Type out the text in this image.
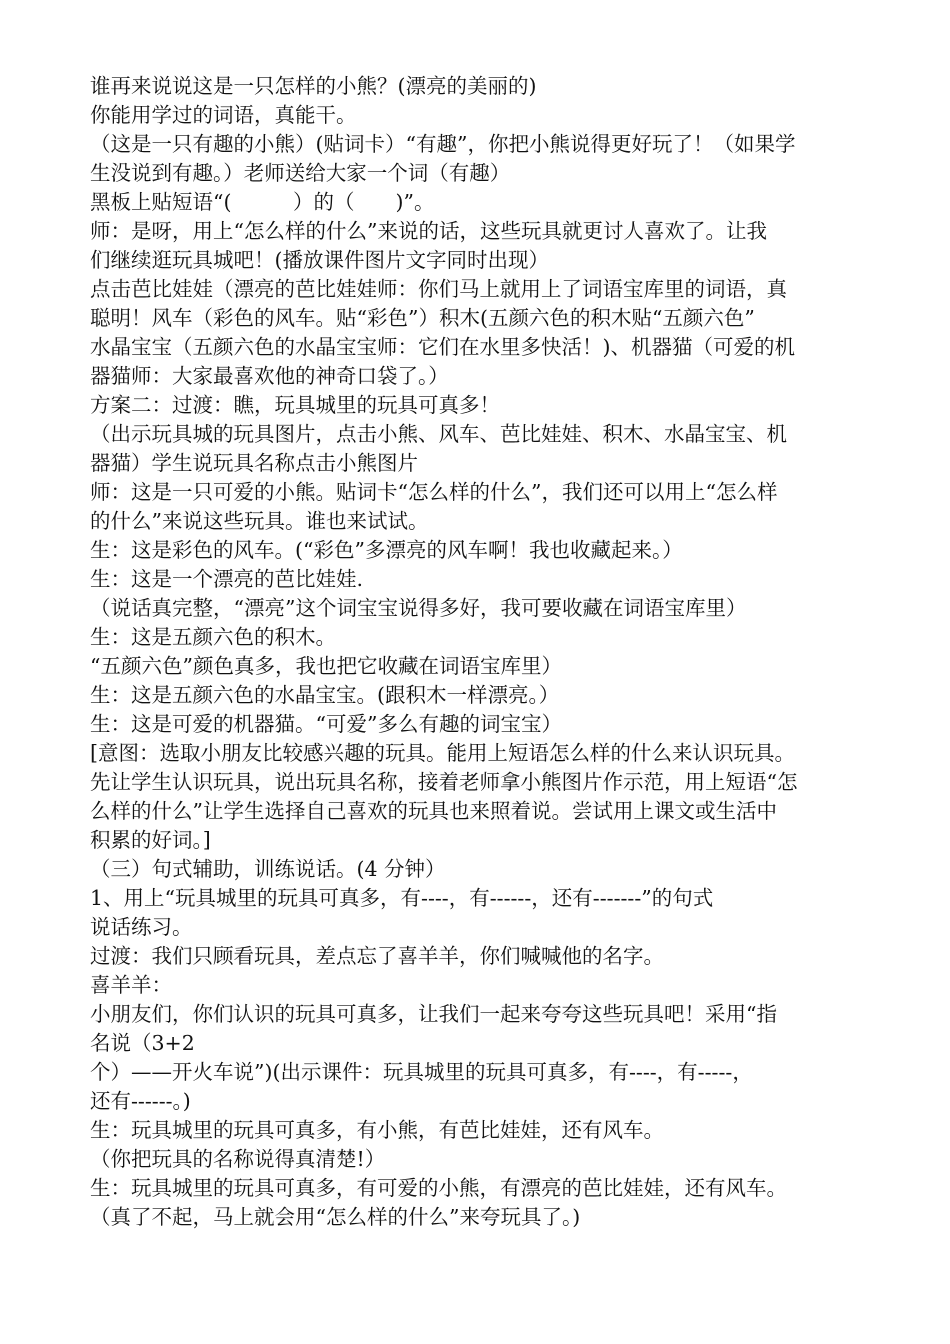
谁再来说说这是一只怎样的小熊？(漂亮的美丽的)
你能用学过的词语，真能干。
（这是一只有趣的小熊）(贴词卡）“有趣”，你把小熊说得更好玩了！（如果学
生没说到有趣。）老师送给大家一个词（有趣）
黑板上贴短语“(　　　）的（　　)”。
师：是呀，用上“怎么样的什么”来说的话，这些玩具就更讨人喜欢了。让我
们继续逛玩具城吧！(播放课件图片文字同时出现）
点击芭比娃娃（漂亮的芭比娃娃师：你们马上就用上了词语宝库里的词语，真
聪明！风车（彩色的风车。贴“彩色”）积木(五颜六色的积木贴“五颜六色”
水晶宝宝（五颜六色的水晶宝宝师：它们在水里多快活！)、机器猫（可爱的机
器猫师：大家最喜欢他的神奇口袋了。）
方案二：过渡：瞧，玩具城里的玩具可真多！
（出示玩具城的玩具图片，点击小熊、风车、芭比娃娃、积木、水晶宝宝、机
器猫）学生说玩具名称点击小熊图片
师：这是一只可爱的小熊。贴词卡“怎么样的什么”，我们还可以用上“怎么样
的什么”来说这些玩具。谁也来试试。
生：这是彩色的风车。(“彩色”多漂亮的风车啊！我也收藏起来。）
生：这是一个漂亮的芭比娃娃.
（说话真完整，“漂亮”这个词宝宝说得多好，我可要收藏在词语宝库里）
生：这是五颜六色的积木。
“五颜六色”颜色真多，我也把它收藏在词语宝库里）
生：这是五颜六色的水晶宝宝。(跟积木一样漂亮。）
生：这是可爱的机器猫。“可爱”多么有趣的词宝宝）
[意图：选取小朋友比较感兴趣的玩具。能用上短语怎么样的什么来认识玩具。
先让学生认识玩具，说出玩具名称，接着老师拿小熊图片作示范，用上短语“怎
么样的什么”让学生选择自己喜欢的玩具也来照着说。尝试用上课文或生活中
积累的好词。]
（三）句式辅助，训练说话。(4 分钟）
1、用上“玩具城里的玩具可真多，有----，有------，还有-------”的句式
说话练习。
过渡：我们只顾看玩具，差点忘了喜羊羊，你们喊喊他的名字。
喜羊羊：
小朋友们，你们认识的玩具可真多，让我们一起来夸夸这些玩具吧！采用“指
名说（3+2
个）——开火车说”)(出示课件：玩具城里的玩具可真多，有----，有-----，
还有------。)
生：玩具城里的玩具可真多，有小熊，有芭比娃娃，还有风车。
（你把玩具的名称说得真清楚!）
生：玩具城里的玩具可真多，有可爱的小熊，有漂亮的芭比娃娃，还有风车。
（真了不起，马上就会用“怎么样的什么”来夸玩具了。)
